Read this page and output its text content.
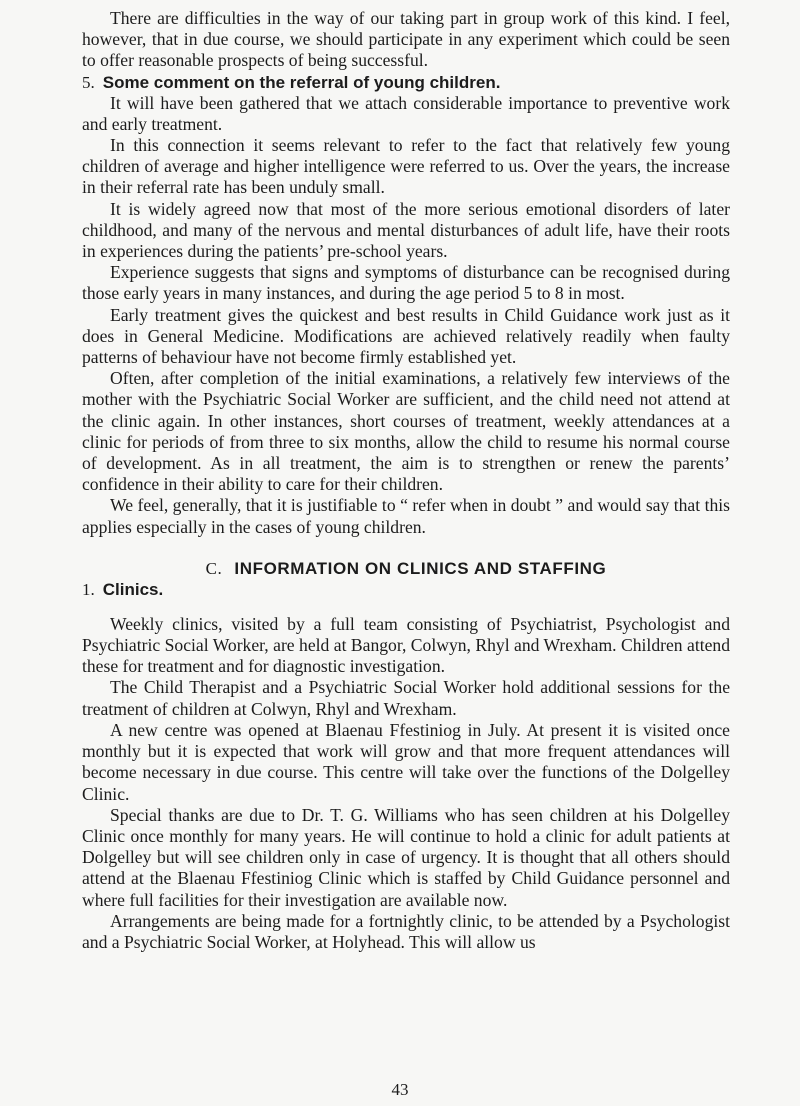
There are difficulties in the way of our taking part in group work of this kind. I feel, however, that in due course, we should participate in any experiment which could be seen to offer reasonable prospects of being successful.

5. Some comment on the referral of young children.

It will have been gathered that we attach considerable importance to preventive work and early treatment.

In this connection it seems relevant to refer to the fact that relatively few young children of average and higher intelligence were referred to us. Over the years, the increase in their referral rate has been unduly small.

It is widely agreed now that most of the more serious emotional disorders of later childhood, and many of the nervous and mental disturbances of adult life, have their roots in experiences during the patients’ pre-school years.

Experience suggests that signs and symptoms of disturbance can be recognised during those early years in many instances, and during the age period 5 to 8 in most.

Early treatment gives the quickest and best results in Child Guidance work just as it does in General Medicine. Modifications are achieved relatively readily when faulty patterns of behaviour have not become firmly established yet.

Often, after completion of the initial examinations, a relatively few interviews of the mother with the Psychiatric Social Worker are sufficient, and the child need not attend at the clinic again. In other instances, short courses of treatment, weekly attendances at a clinic for periods of from three to six months, allow the child to resume his normal course of development. As in all treatment, the aim is to strengthen or renew the parents’ confidence in their ability to care for their children.

We feel, generally, that it is justifiable to “ refer when in doubt ” and would say that this applies especially in the cases of young children.

C. INFORMATION ON CLINICS AND STAFFING
1. Clinics.

Weekly clinics, visited by a full team consisting of Psychiatrist, Psychologist and Psychiatric Social Worker, are held at Bangor, Colwyn, Rhyl and Wrexham. Children attend these for treatment and for diagnostic investigation.

The Child Therapist and a Psychiatric Social Worker hold additional sessions for the treatment of children at Colwyn, Rhyl and Wrexham.

A new centre was opened at Blaenau Ffestiniog in July. At present it is visited once monthly but it is expected that work will grow and that more frequent attendances will become necessary in due course. This centre will take over the functions of the Dolgelley Clinic.

Special thanks are due to Dr. T. G. Williams who has seen children at his Dolgelley Clinic once monthly for many years. He will continue to hold a clinic for adult patients at Dolgelley but will see children only in case of urgency. It is thought that all others should attend at the Blaenau Ffestiniog Clinic which is staffed by Child Guidance personnel and where full facilities for their investigation are available now.

Arrangements are being made for a fortnightly clinic, to be attended by a Psychologist and a Psychiatric Social Worker, at Holyhead. This will allow us

43
